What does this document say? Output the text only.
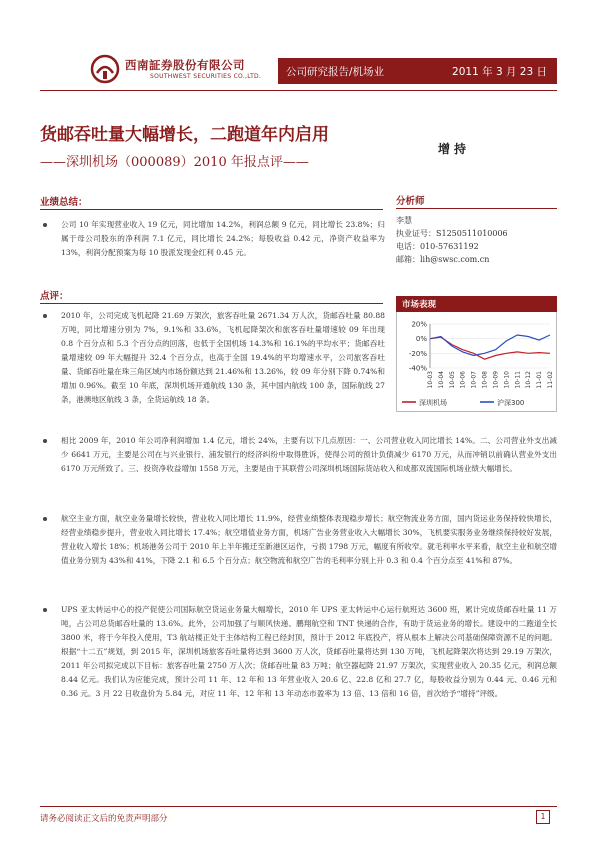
西南証券股份有限公司
SOUTHWEST SECURITIES CO.,LTD. 公司研究报告/机场业	2011 年 3 月 23 日
货邮吞吐量大幅增长，二跑道年内启用
——深圳机场（000089）2010 年报点评——
增持
业绩总结：
公司 10 年实现营业收入 19 亿元，同比增加 14.2%，利润总额 9 亿元，同比增长 23.8%；归属于母公司股东的净利润 7.1 亿元，同比增长 24.2%；每股收益 0.42 元，净资产收益率为 13%，利润分配预案为每 10 股派发现金红利 0.45 元。
点评：
2010 年，公司完成飞机起降 21.69 万架次，旅客吞吐量 2671.34 万人次，货邮吞吐量 80.88 万吨，同比增速分别为 7%，9.1%和 33.6%，飞机起降架次和旅客吞吐量增速较 09 年出现 0.8 个百分点和 5.3 个百分点的回落，也低于全国机场 14.3%和 16.1%的平均水平；货邮吞吐量增速较 09 年大幅提升 32.4 个百分点，也高于全国 19.4%的平均增速水平，公司旅客吞吐量、货邮吞吐量在珠三角区域内市场份额达到 21.46%和 13.26%，较 09 年分别下降 0.74%和增加 0.96%。截至 10 年底，深圳机场开通航线 130 条，其中国内航线 100 条，国际航线 27 条，港澳地区航线 3 条，全货运航线 18 条。
相比 2009 年，2010 年公司净利润增加 1.4 亿元，增长 24%，主要有以下几点原因：一、公司营业收入同比增长 14%。二、公司营业外支出减少 6641 万元，主要是公司在与兴业银行、浦发银行的经济纠纷中取得胜诉，使得公司的预计负债减少 6170 万元，从而冲销以前确认营业外支出 6170 万元所致了。三、投资净收益增加 1558 万元，主要是由于其联营公司深圳机场国际货站收入和成都双流国际机场业绩大幅增长。
航空主业方面，航空业务量增长较快，营业收入同比增长 11.9%，经营业绩整体表现稳步增长；航空物流业务方面，国内货运业务保持较快增长，经营业绩稳步提升，营业收入同比增长 17.4%；航空增值业务方面，机场广告业务营业收入大幅增长 30%，飞机要实服务业务继续保持较好发展，营业收入增长 18%；机场港务公司于 2010 年上半年搬迁至新港区运作，亏损 1798 万元，幅度有所收窄。就毛利率水平来看，航空主业和航空增值业务分别为 43%和 41%，下降 2.1 和 6.5 个百分点；航空物流和航空广告的毛利率分别上升 0.3 和 0.4 个百分点至 41%和 87%。
UPS 亚太转运中心的投产促使公司国际航空货运业务量大幅增长，2010 年 UPS 亚太转运中心运行航班达 3600 班，累计完成货邮吞吐量 11 万吨，占公司总货邮吞吐量的 13.6%。此外，公司加强了与顺风快递、鹏翔航空和 TNT 快递的合作，有助于货运业务的增长。建设中的二跑道全长 3800 米，将于今年投入使用，T3 航站楼正处于主体结构工程已经封顶，预计于 2012 年底投产，将从根本上解决公司基础保障资源不足的问题。根据“十二五”规划，到 2015 年，深圳机场旅客吞吐量将达到 3600 万人次，货邮吞吐量将达到 130 万吨，飞机起降架次将达到 29.19 万架次，2011 年公司拟完成以下目标：旅客吞吐量 2750 万人次；货邮吞吐量 83 万吨；航空器起降 21.97 万架次，实现营业收入 20.35 亿元，利润总额 8.44 亿元。我们认为应能完成，预计公司 11 年、12 年和 13 年营业收入 20.6 亿、22.8 亿和 27.7 亿，每股收益分别为 0.44 元、0.46 元和 0.36 元。3 月 22 日收盘价为 5.84 元，对应 11 年、12 年和 13 年动态市盈率为 13 倍、13 倍和 16 倍，首次给予“增持”评级。
分析师
李慧
执业证号：S1250511010006
电话：010-57631192
邮箱：lih@swsc.com.cn
市场表现
20%
0%
-20%
-40%
10-03 10-04 10-05 10-06 10-07 10-08 10-09 10-10 10-11 10-12 11-01 11-02
深圳机场	沪深300
请务必阅读正文后的免责声明部分	1
